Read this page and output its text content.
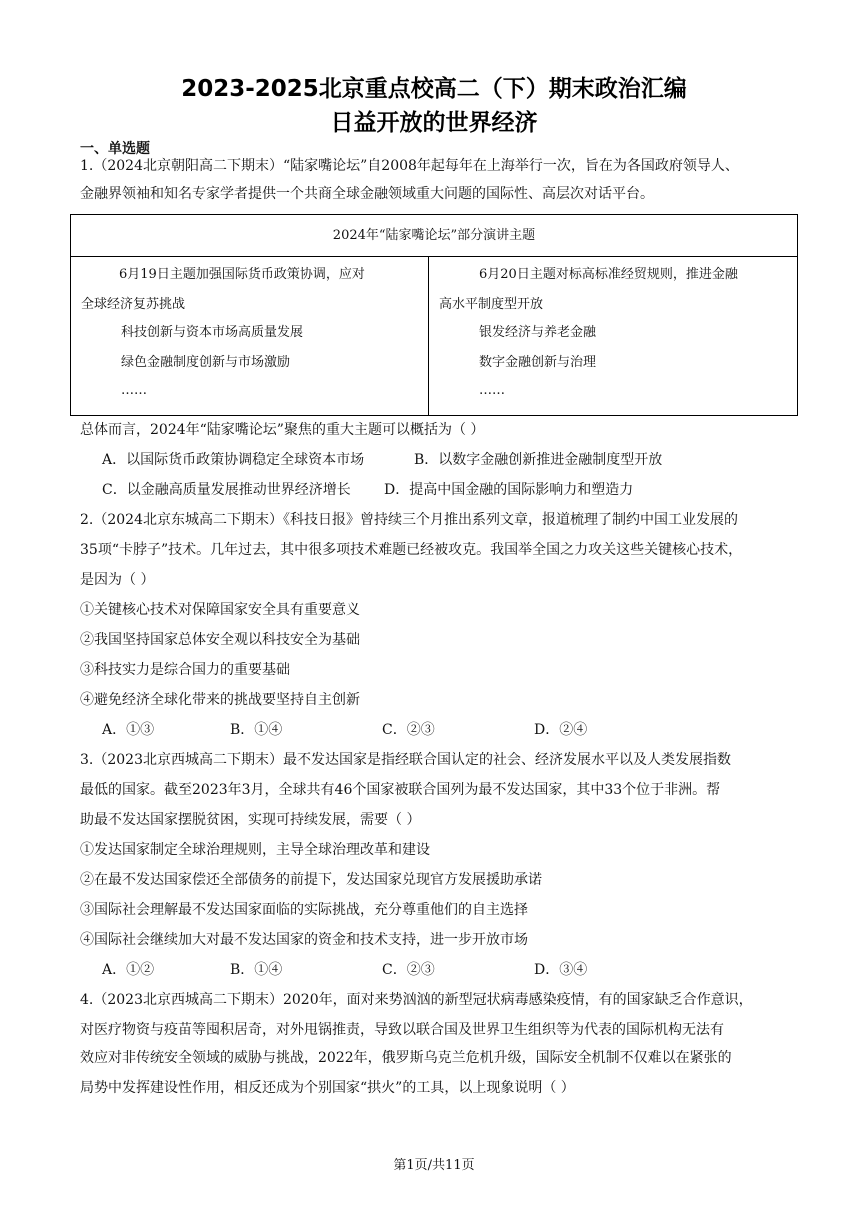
2023-2025北京重点校高二（下）期末政治汇编
日益开放的世界经济
一、单选题
1.（2024北京朝阳高二下期末）“陆家嘴论坛”自2008年起每年在上海举行一次，旨在为各国政府领导人、
金融界领袖和知名专家学者提供一个共商全球金融领域重大问题的国际性、高层次对话平台。
2024年“陆家嘴论坛”部分演讲主题
6月19日主题加强国际货币政策协调，应对
全球经济复苏挑战
科技创新与资本市场高质量发展
绿色金融制度创新与市场激励
……
6月20日主题对标高标准经贸规则，推进金融
高水平制度型开放
银发经济与养老金融
数字金融创新与治理
……
总体而言，2024年“陆家嘴论坛”聚焦的重大主题可以概括为（ ）
A．以国际货币政策协调稳定全球资本市场	B．以数字金融创新推进金融制度型开放
C．以金融高质量发展推动世界经济增长 D．提高中国金融的国际影响力和塑造力
2.（2024北京东城高二下期末）《科技日报》曾持续三个月推出系列文章，报道梳理了制约中国工业发展的
35项“卡脖子”技术。几年过去，其中很多项技术难题已经被攻克。我国举全国之力攻关这些关键核心技术，
是因为（ ）
①关键核心技术对保障国家安全具有重要意义
②我国坚持国家总体安全观以科技安全为基础
③科技实力是综合国力的重要基础
④避免经济全球化带来的挑战要坚持自主创新
A．①③	B．①④	C．②③	D．②④
3.（2023北京西城高二下期末）最不发达国家是指经联合国认定的社会、经济发展水平以及人类发展指数
最低的国家。截至2023年3月，全球共有46个国家被联合国列为最不发达国家，其中33个位于非洲。帮
助最不发达国家摆脱贫困，实现可持续发展，需要（ ）
①发达国家制定全球治理规则，主导全球治理改革和建设
②在最不发达国家偿还全部债务的前提下，发达国家兑现官方发展援助承诺
③国际社会理解最不发达国家面临的实际挑战，充分尊重他们的自主选择
④国际社会继续加大对最不发达国家的资金和技术支持，进一步开放市场
A．①②	B．①④	C．②③	D．③④
4.（2023北京西城高二下期末）2020年，面对来势汹汹的新型冠状病毒感染疫情，有的国家缺乏合作意识，
对医疗物资与疫苗等囤积居奇，对外甩锅推责，导致以联合国及世界卫生组织等为代表的国际机构无法有
效应对非传统安全领域的威胁与挑战，2022年，俄罗斯乌克兰危机升级，国际安全机制不仅难以在紧张的
局势中发挥建设性作用，相反还成为个别国家“拱火”的工具，以上现象说明（ ）
第1页/共11页
